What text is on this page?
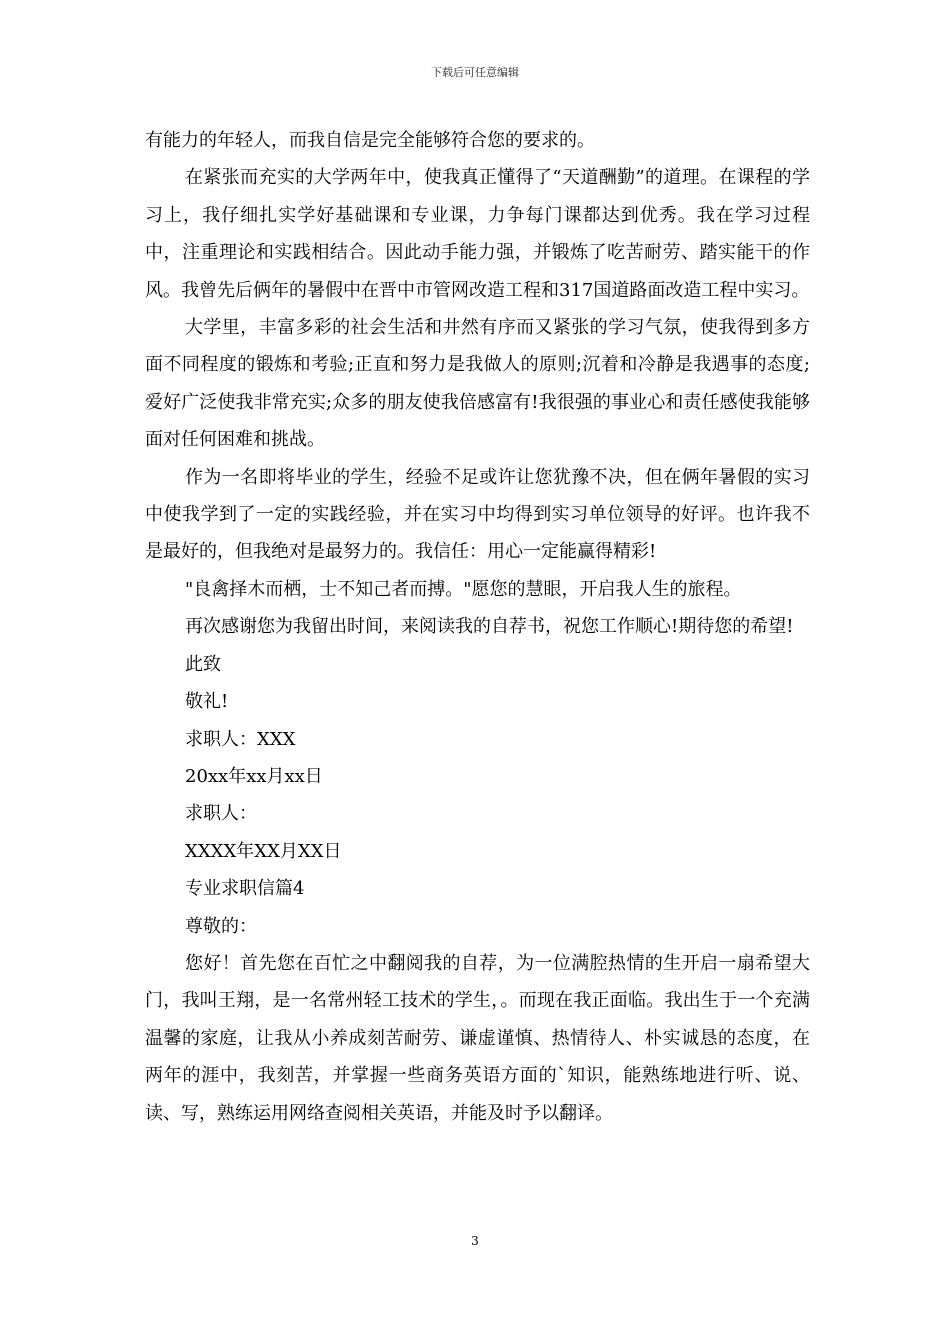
下载后可任意编辑

有能力的年轻人，而我自信是完全能够符合您的要求的。

在紧张而充实的大学两年中，使我真正懂得了“天道酬勤”的道理。在课程的学习上，我仔细扎实学好基础课和专业课，力争每门课都达到优秀。我在学习过程中，注重理论和实践相结合。因此动手能力强，并锻炼了吃苦耐劳、踏实能干的作风。我曾先后俩年的暑假中在晋中市管网改造工程和317国道路面改造工程中实习。

大学里，丰富多彩的社会生活和井然有序而又紧张的学习气氛，使我得到多方面不同程度的锻炼和考验;正直和努力是我做人的原则;沉着和冷静是我遇事的态度;爱好广泛使我非常充实;众多的朋友使我倍感富有!我很强的事业心和责任感使我能够面对任何困难和挑战。

作为一名即将毕业的学生，经验不足或许让您犹豫不决，但在俩年暑假的实习中使我学到了一定的实践经验，并在实习中均得到实习单位领导的好评。也许我不是最好的，但我绝对是最努力的。我信任：用心一定能赢得精彩!

"良禽择木而栖，士不知己者而搏。"愿您的慧眼，开启我人生的旅程。

再次感谢您为我留出时间，来阅读我的自荐书，祝您工作顺心!期待您的希望!

此致

敬礼!

求职人：XXX

20xx年xx月xx日

求职人：

XXXX年XX月XX日

专业求职信篇4

尊敬的：

您好！首先您在百忙之中翻阅我的自荐，为一位满腔热情的生开启一扇希望大门，我叫王翔，是一名常州轻工技术的学生，。而现在我正面临。我出生于一个充满温馨的家庭，让我从小养成刻苦耐劳、谦虚谨慎、热情待人、朴实诚恳的态度，在两年的涯中，我刻苦，并掌握一些商务英语方面的`知识，能熟练地进行听、说、读、写，熟练运用网络查阅相关英语，并能及时予以翻译。

3
